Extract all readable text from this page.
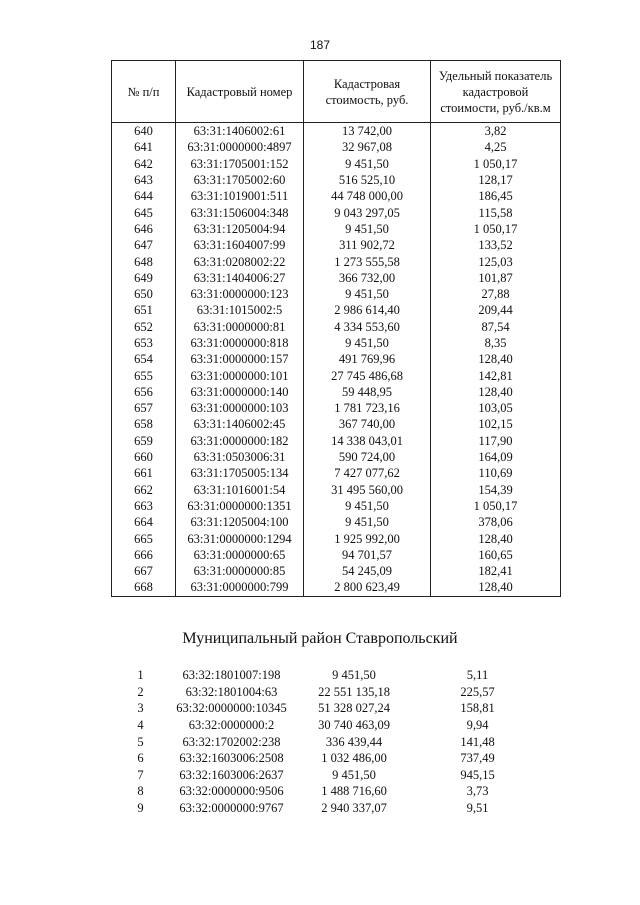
187
№ п/п	Кадастровый номер	Кадастровая стоимость, руб.	Удельный показатель кадастровой стоимости, руб./кв.м
640	63:31:1406002:61	13 742,00	3,82
641	63:31:0000000:4897	32 967,08	4,25
642	63:31:1705001:152	9 451,50	1 050,17
643	63:31:1705002:60	516 525,10	128,17
644	63:31:1019001:511	44 748 000,00	186,45
645	63:31:1506004:348	9 043 297,05	115,58
646	63:31:1205004:94	9 451,50	1 050,17
647	63:31:1604007:99	311 902,72	133,52
648	63:31:0208002:22	1 273 555,58	125,03
649	63:31:1404006:27	366 732,00	101,87
650	63:31:0000000:123	9 451,50	27,88
651	63:31:1015002:5	2 986 614,40	209,44
652	63:31:0000000:81	4 334 553,60	87,54
653	63:31:0000000:818	9 451,50	8,35
654	63:31:0000000:157	491 769,96	128,40
655	63:31:0000000:101	27 745 486,68	142,81
656	63:31:0000000:140	59 448,95	128,40
657	63:31:0000000:103	1 781 723,16	103,05
658	63:31:1406002:45	367 740,00	102,15
659	63:31:0000000:182	14 338 043,01	117,90
660	63:31:0503006:31	590 724,00	164,09
661	63:31:1705005:134	7 427 077,62	110,69
662	63:31:1016001:54	31 495 560,00	154,39
663	63:31:0000000:1351	9 451,50	1 050,17
664	63:31:1205004:100	9 451,50	378,06
665	63:31:0000000:1294	1 925 992,00	128,40
666	63:31:0000000:65	94 701,57	160,65
667	63:31:0000000:85	54 245,09	182,41
668	63:31:0000000:799	2 800 623,49	128,40
Муниципальный район Ставропольский
1	63:32:1801007:198	9 451,50	5,11
2	63:32:1801004:63	22 551 135,18	225,57
3	63:32:0000000:10345	51 328 027,24	158,81
4	63:32:0000000:2	30 740 463,09	9,94
5	63:32:1702002:238	336 439,44	141,48
6	63:32:1603006:2508	1 032 486,00	737,49
7	63:32:1603006:2637	9 451,50	945,15
8	63:32:0000000:9506	1 488 716,60	3,73
9	63:32:0000000:9767	2 940 337,07	9,51
